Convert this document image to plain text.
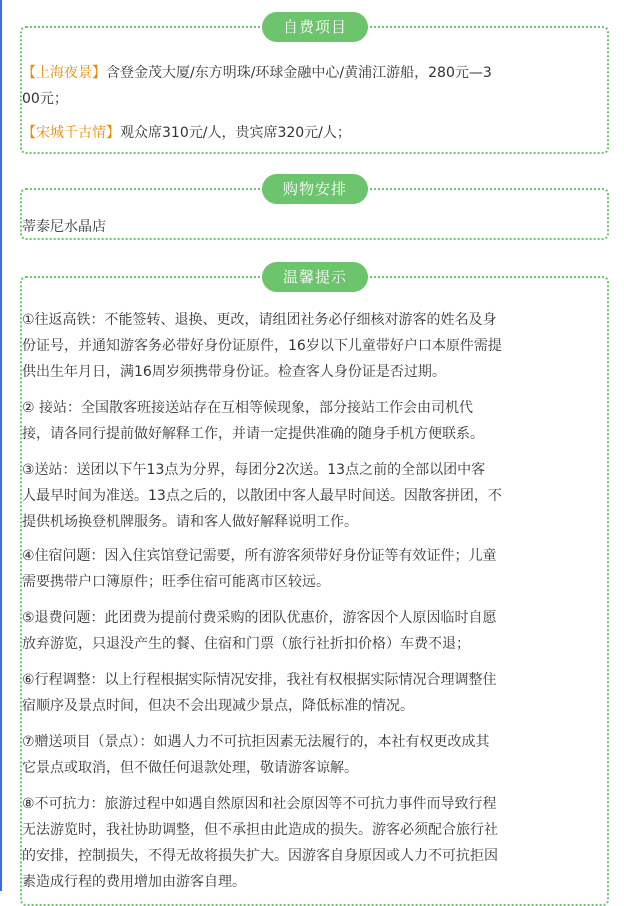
自费项目
【上海夜景】含登金茂大厦/东方明珠/环球金融中心/黄浦江游船，280元—3
00元；
【宋城千古情】观众席310元/人，贵宾席320元/人；
购物安排
蒂泰尼水晶店
温馨提示
①往返高铁：不能签转、退换、更改，请组团社务必仔细核对游客的姓名及身
份证号，并通知游客务必带好身份证原件，16岁以下儿童带好户口本原件需提
供出生年月日，满16周岁须携带身份证。检查客人身份证是否过期。
② 接站：全国散客班接送站存在互相等候现象，部分接站工作会由司机代
接，请各同行提前做好解释工作，并请一定提供准确的随身手机方便联系。
③送站：送团以下午13点为分界，每团分2次送。13点之前的全部以团中客
人最早时间为准送。13点之后的，以散团中客人最早时间送。因散客拼团，不
提供机场换登机牌服务。请和客人做好解释说明工作。
④住宿问题：因入住宾馆登记需要，所有游客须带好身份证等有效证件；儿童
需要携带户口簿原件；旺季住宿可能离市区较远。
⑤退费问题：此团费为提前付费采购的团队优惠价，游客因个人原因临时自愿
放弃游览，只退没产生的餐、住宿和门票（旅行社折扣价格）车费不退；
⑥行程调整：以上行程根据实际情况安排，我社有权根据实际情况合理调整住
宿顺序及景点时间，但决不会出现减少景点，降低标准的情况。
⑦赠送项目（景点）：如遇人力不可抗拒因素无法履行的，本社有权更改成其
它景点或取消，但不做任何退款处理，敬请游客谅解。
⑧不可抗力：旅游过程中如遇自然原因和社会原因等不可抗力事件而导致行程
无法游览时，我社协助调整，但不承担由此造成的损失。游客必须配合旅行社
的安排，控制损失，不得无故将损失扩大。因游客自身原因或人力不可抗拒因
素造成行程的费用增加由游客自理。
